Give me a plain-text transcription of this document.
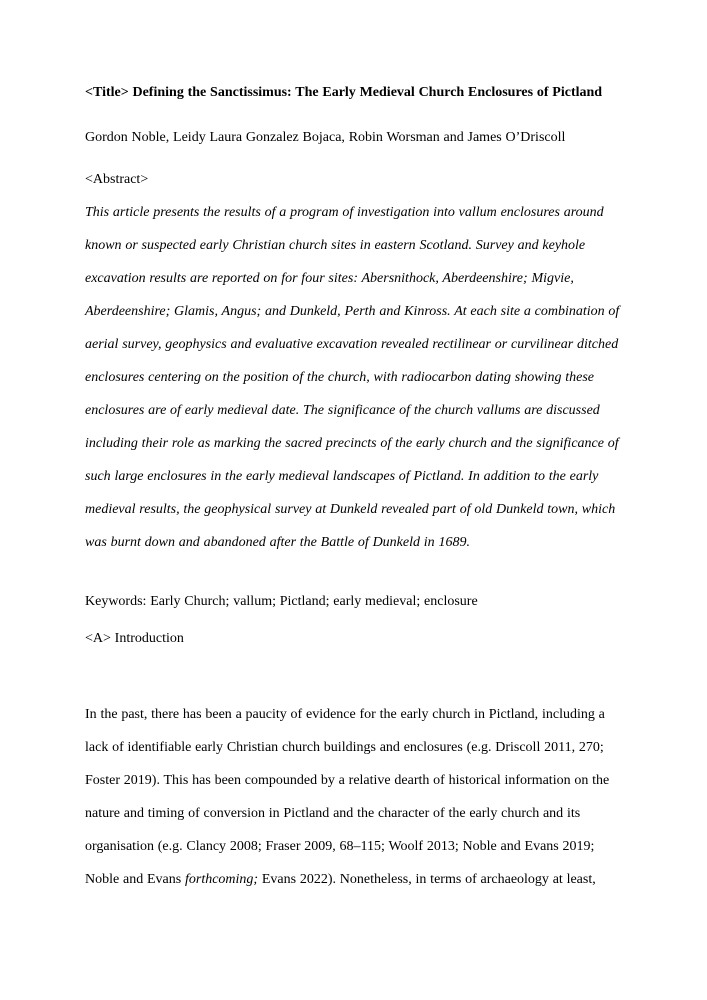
<Title> Defining the Sanctissimus: The Early Medieval Church Enclosures of Pictland
Gordon Noble, Leidy Laura Gonzalez Bojaca, Robin Worsman and James O’Driscoll
<Abstract>
This article presents the results of a program of investigation into vallum enclosures around known or suspected early Christian church sites in eastern Scotland. Survey and keyhole excavation results are reported on for four sites: Abersnithock, Aberdeenshire; Migvie, Aberdeenshire; Glamis, Angus; and Dunkeld, Perth and Kinross. At each site a combination of aerial survey, geophysics and evaluative excavation revealed rectilinear or curvilinear ditched enclosures centering on the position of the church, with radiocarbon dating showing these enclosures are of early medieval date. The significance of the church vallums are discussed including their role as marking the sacred precincts of the early church and the significance of such large enclosures in the early medieval landscapes of Pictland. In addition to the early medieval results, the geophysical survey at Dunkeld revealed part of old Dunkeld town, which was burnt down and abandoned after the Battle of Dunkeld in 1689.
Keywords: Early Church; vallum; Pictland; early medieval; enclosure
<A> Introduction
In the past, there has been a paucity of evidence for the early church in Pictland, including a lack of identifiable early Christian church buildings and enclosures (e.g. Driscoll 2011, 270; Foster 2019). This has been compounded by a relative dearth of historical information on the nature and timing of conversion in Pictland and the character of the early church and its organisation (e.g. Clancy 2008; Fraser 2009, 68–115; Woolf 2013; Noble and Evans 2019; Noble and Evans forthcoming; Evans 2022). Nonetheless, in terms of archaeology at least,
